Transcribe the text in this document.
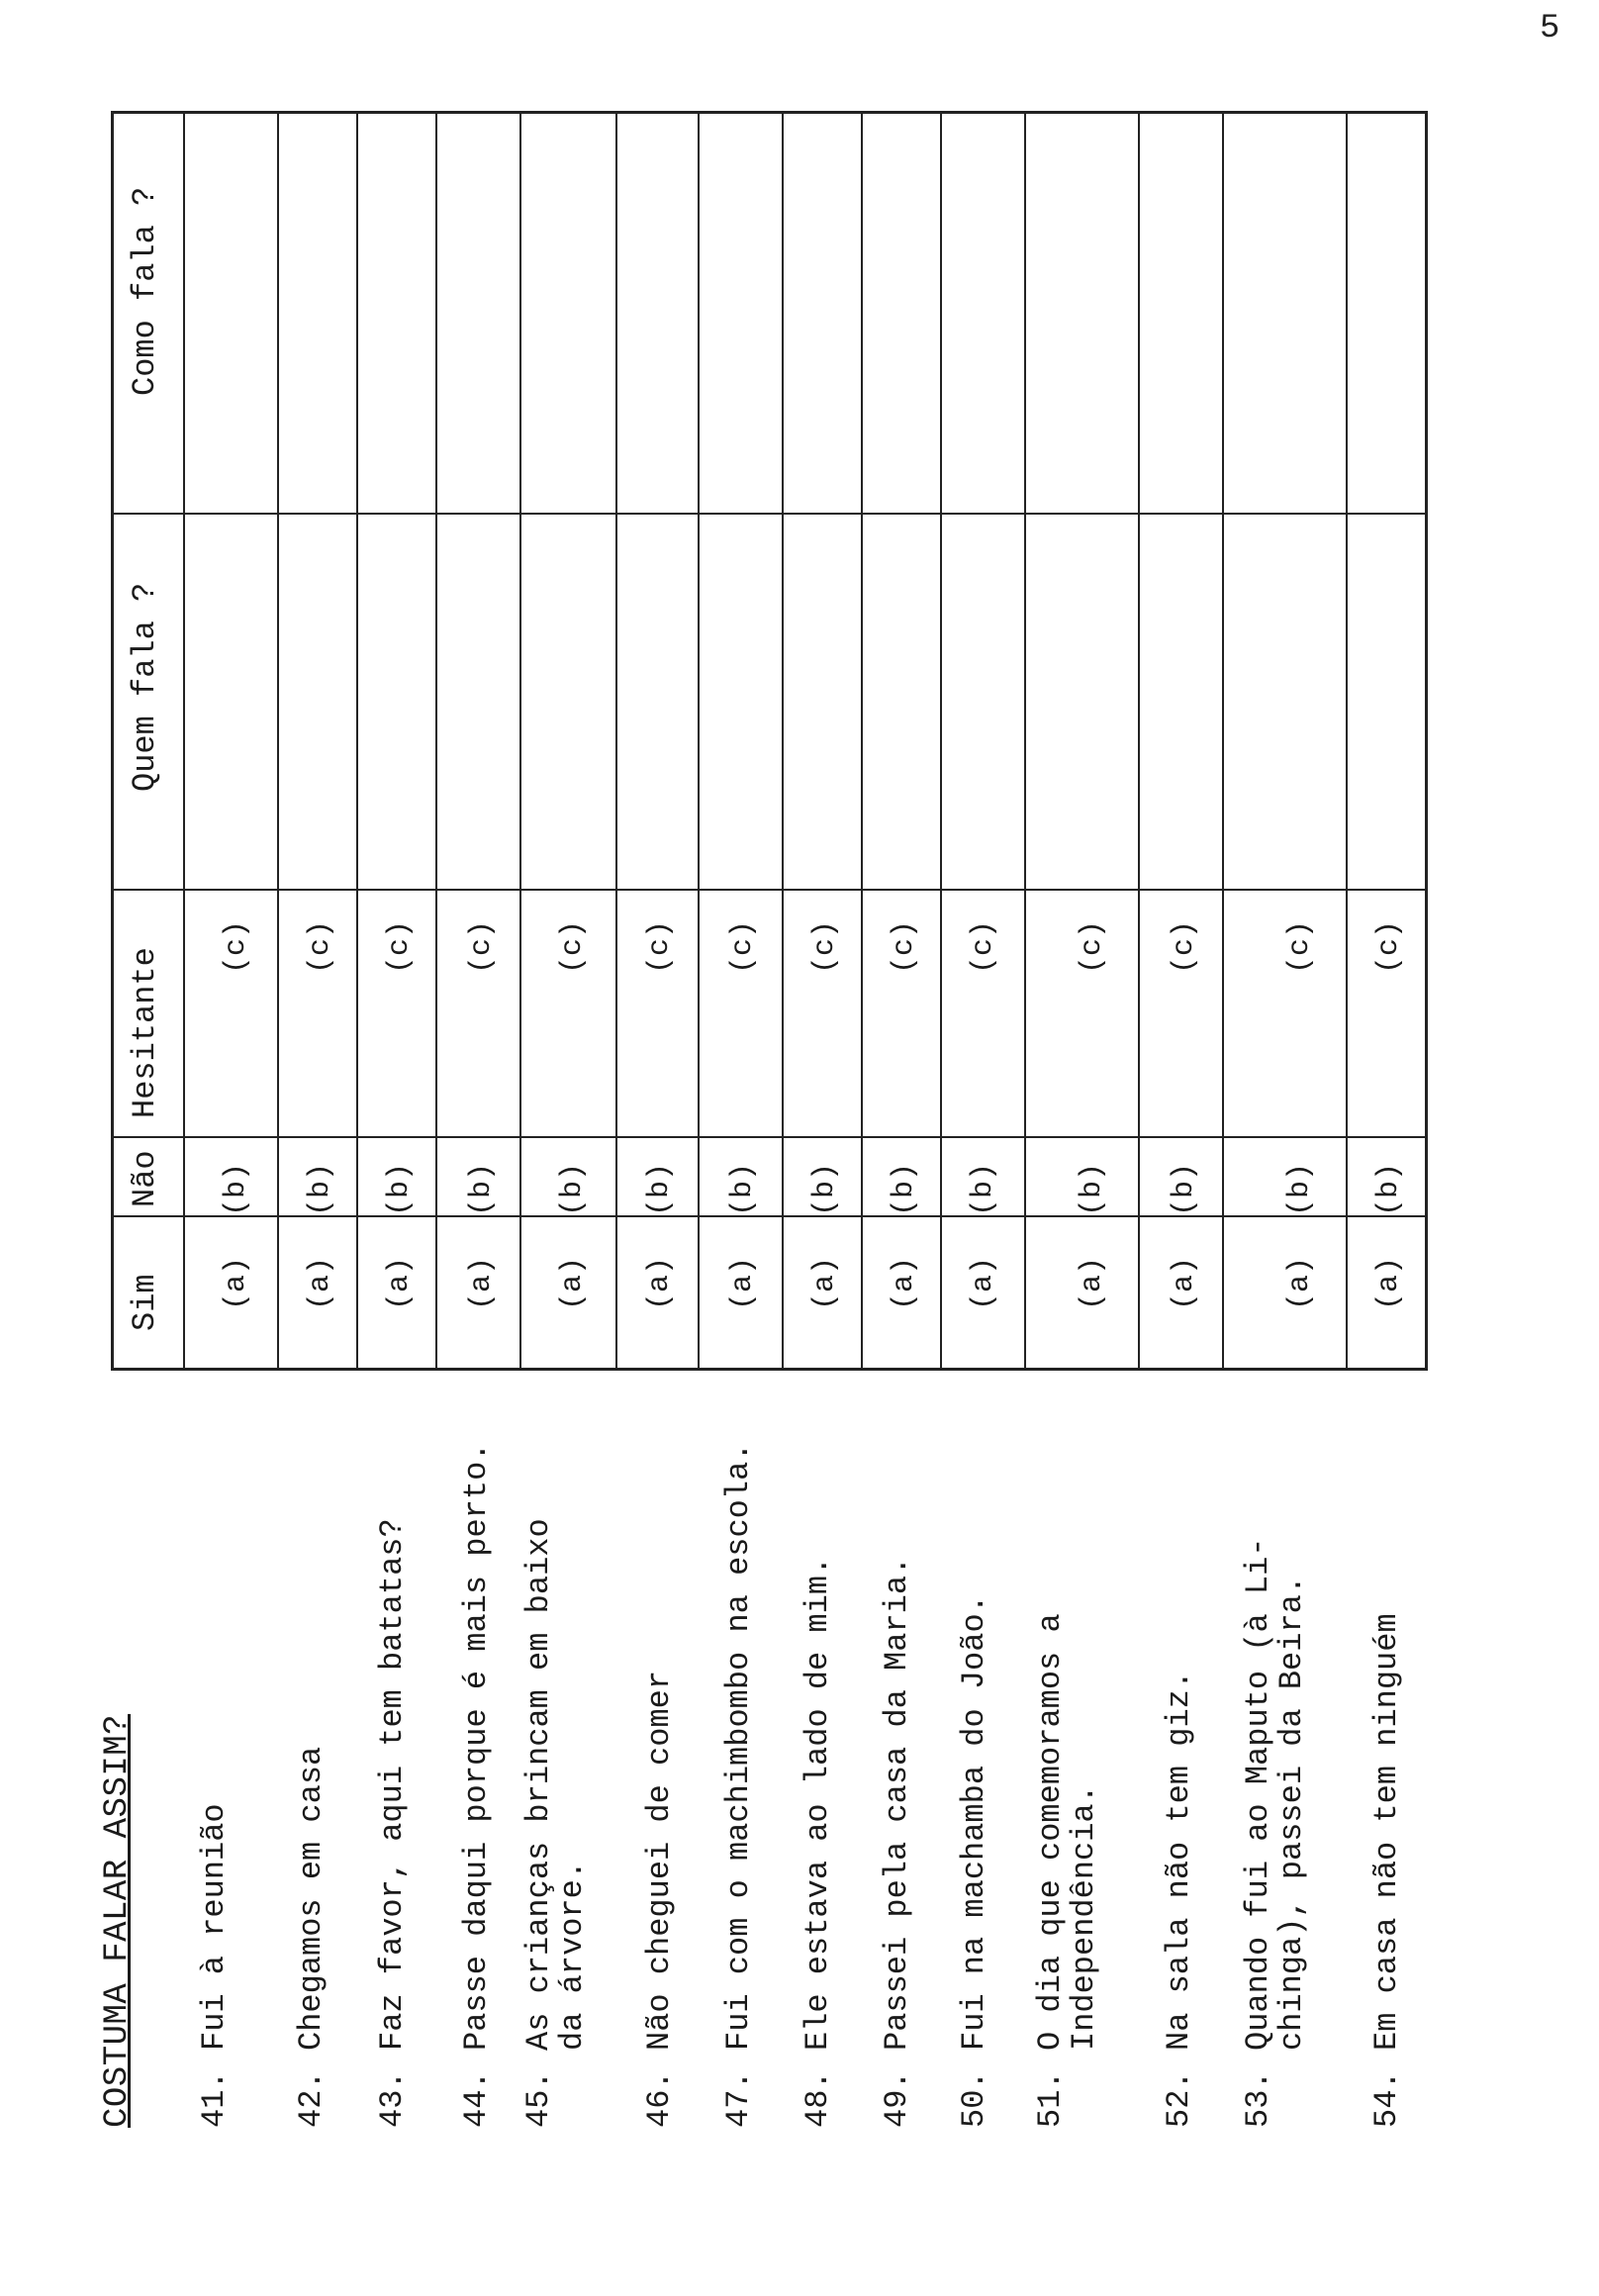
5
COSTUMA FALAR ASSIM? 41.Fui à reunião
42.Chegamos em casa
43.Faz favor, aqui tem batatas?
44.Passe daqui porque é mais perto.
45.As crianças brincam em baixo
da árvore.
46.Não cheguei de comer
47.Fui com o machimbombo na escola.
48.Ele estava ao lado de mim.
49.Passei pela casa da Maria.
50.Fui na machamba do João.
51.O dia que comemoramos a
Independência.
52.Na sala não tem giz.
53.Quando fui ao Maputo (à Li-
chinga), passei da Beira.
54.Em casa não tem ninguém
Sim
Não
Hesitante
Quem fala ?
Como fala ?
(a)
(b)
(c)
(a)
(b)
(c)
(a)
(b)
(c)
(a)
(b)
(c)
(a)
(b)
(c)
(a)
(b)
(c)
(a)
(b)
(c)
(a)
(b)
(c)
(a)
(b)
(c)
(a)
(b)
(c)
(a)
(b)
(c)
(a)
(b)
(c)
(a)
(b)
(c)
(a)
(b)
(c)
